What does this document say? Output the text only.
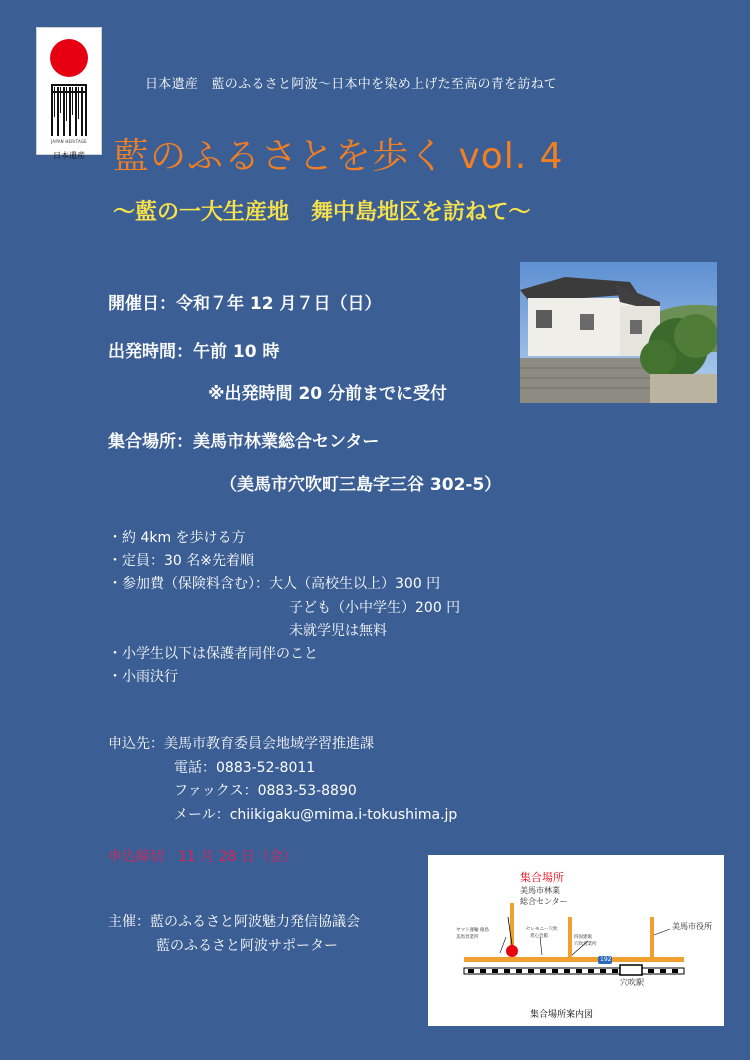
JAPAN HERITAGE
日本遺産
日本遺産　藍のふるさと阿波～日本中を染め上げた至高の青を訪ねて
藍のふるさとを歩く vol. 4
～藍の一大生産地　舞中島地区を訪ねて～
開催日：令和７年 12 月７日（日）
出発時間：午前 10 時
※出発時間 20 分前までに受付
集合場所：美馬市林業総合センター
（美馬市穴吹町三島字三谷 302-5）
・約 4km を歩ける方
・定員：30 名※先着順
・参加費（保険料含む）：大人（高校生以上）300 円
子ども（小中学生）200 円
未就学児は無料
・小学生以下は保護者同伴のこと
・小雨決行
申込先：美馬市教育委員会地域学習推進課
電話：0883-52-8011
ファックス：0883-53-8890
メール：chiikigaku@mima.i-tokushima.jp
申込締切　11 月 28 日（金）
主催：藍のふるさと阿波魅力発信協議会
藍のふるさと阿波サポーター
集合場所
美馬市林業
総合センター
ヤマト運輸 徳島
美馬営業所
セレモニー穴吹
愛心会館	四国建販
穴吹営業所
美馬市役所
192
穴吹駅
集合場所案内図
